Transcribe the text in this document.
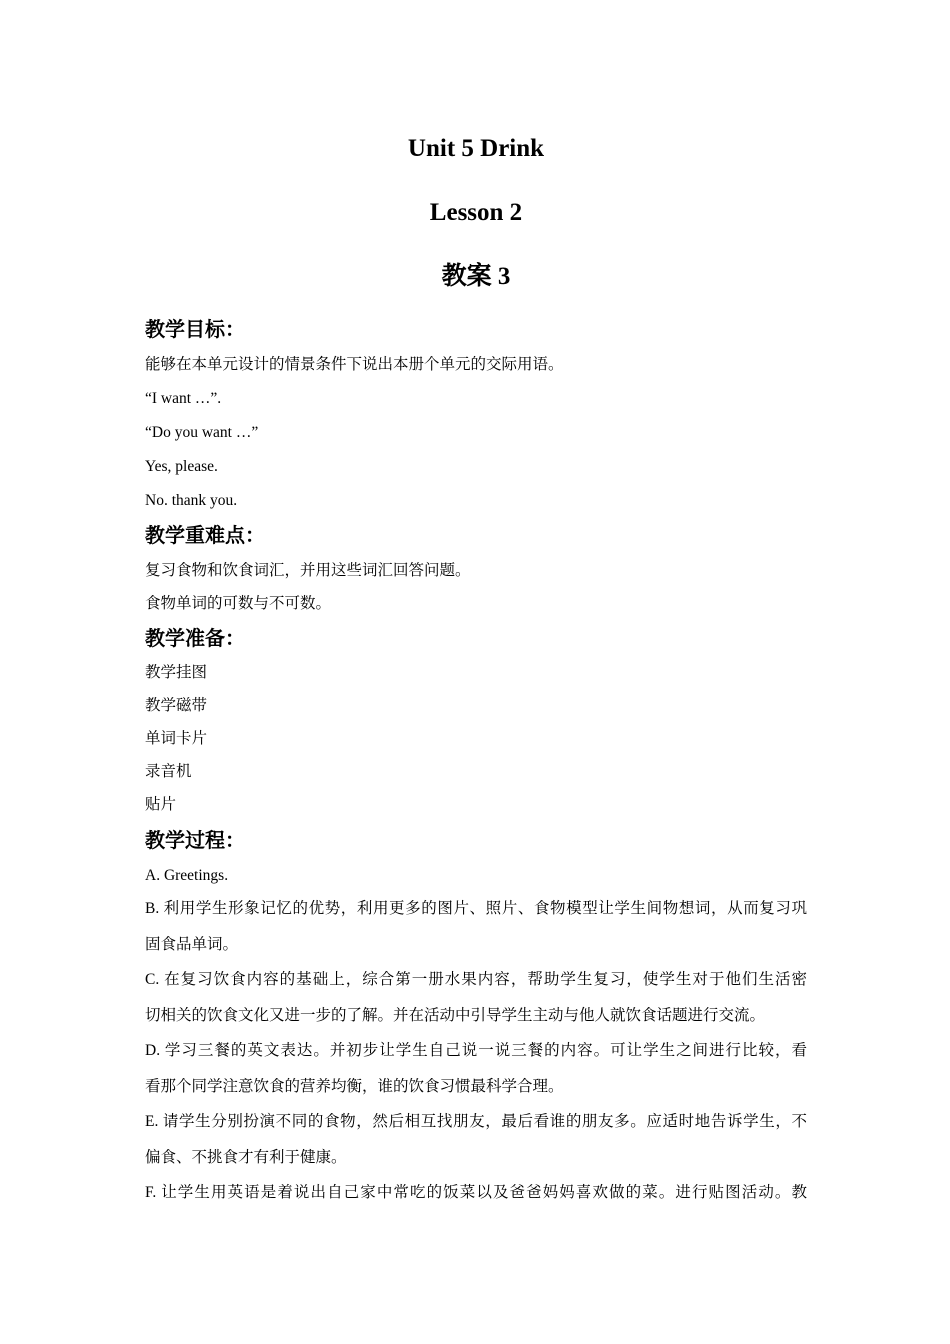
Unit 5 Drink
Lesson 2
教案 3
教学目标：
能够在本单元设计的情景条件下说出本册个单元的交际用语。
“I want …”.
“Do you want …”
Yes, please.
No. thank you.
教学重难点：
复习食物和饮食词汇，并用这些词汇回答问题。
食物单词的可数与不可数。
教学准备：
教学挂图
教学磁带
单词卡片
录音机
贴片
教学过程：
A. Greetings.
B. 利用学生形象记忆的优势，利用更多的图片、照片、食物模型让学生间物想词，从而复习巩
固食品单词。
C. 在复习饮食内容的基础上，综合第一册水果内容，帮助学生复习，使学生对于他们生活密
切相关的饮食文化又进一步的了解。并在活动中引导学生主动与他人就饮食话题进行交流。
D. 学习三餐的英文表达。并初步让学生自己说一说三餐的内容。可让学生之间进行比较，看
看那个同学注意饮食的营养均衡，谁的饮食习惯最科学合理。
E. 请学生分别扮演不同的食物，然后相互找朋友，最后看谁的朋友多。应适时地告诉学生，不
偏食、不挑食才有利于健康。
F. 让学生用英语是着说出自己家中常吃的饭菜以及爸爸妈妈喜欢做的菜。进行贴图活动。教
